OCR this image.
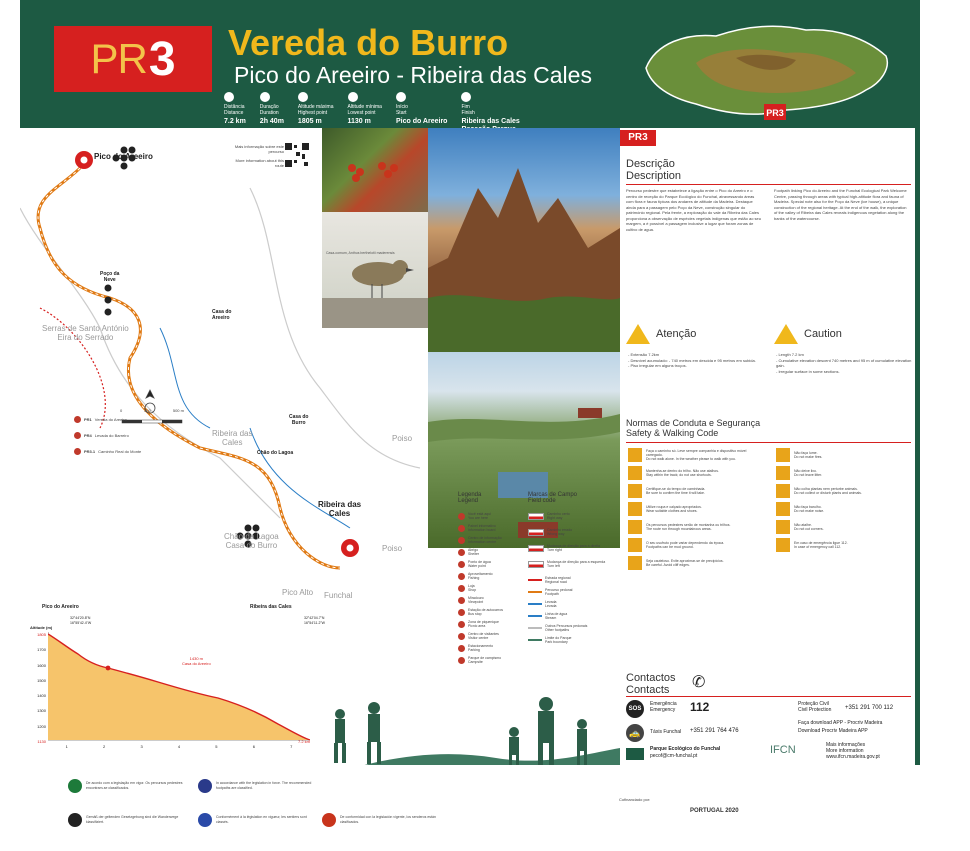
PR 3 Vereda do Burro
Pico do Areeiro - Ribeira das Cales
Distância
Distance
7.2 km
Duração
Duration
2h 40m
Altitude máxima
Highest point
1805 m
Altitude mínima
Lowest point
1130 m
Início
Start
Pico do Areeiro
Fim
Finish
Ribeira das Cales

PR3
Pico do Areeiro
Poço da
Neve
Casa do
Areeiro
Serras de Santo António
Eira do Serrado
Ribeira das
Cales
Casa do
Burro
Chão do Lagoa
Poiso
Ribeira das
Cales
Chão da Lagoa
Casa do Burro	Poiso
Pico Alto Funchal
0	200	500 m
PR1 Vereda do Areeiro
PR4 Levada do Barreiro
PR3.1 Caminho Real do Monte
Mais informação sobre este percurso
More information about this route
Casa-comum, Anthus berthelotii maderensis
Legenda
Legend
Você está aqui
You are here
Painel informativo
Information board
Centro de informação
Information centre
Abrigo
Shelter
Ponto de água
Water point
Aproveitamento
Fishing
Loja
Shop
Miradouro
Viewpoint
Estação de autocarros
Bus stop
Zona de piquenique
Picnic area
Centro de visitantes
Visitor centre
Estacionamento
Parking
Parque de campismo
Campsite
Marcas de Campo
Field code
Caminho certo
Right way
Caminho errado
Wrong way
Mudança de direção para a direita
Turn right
Mudança de direção para a esquerda
Turn left
Estrada regional
Regional road
Percurso pedonal
Footpath
Levada
Levada
Linha de água
Stream
Outros Percursos pedonais
Other footpaths
Limite do Parque
Park boundary
Pico do Areeiro
32°44'20.8"N
16°55'42.4"W
Ribeira das Cales
32°42'04.7"N
16°54'11.2"W
Altitude (m)
1805
1700
1600
1500
1400
1300
1200
1130
1	2	3	4	5	6	7
7.2 km
1430 m
Casa do Areeiro
PR3
Descrição
Description
Percurso pedestre que estabelece a ligação entre o Pico do Areeiro e o centro de receção do Parque Ecológico do Funchal, atravessando áreas com flora e fauna típicas dos andares de altitude da Madeira. Destaque ainda para a passagem pelo Poço da Neve, construção singular do património regional. Pela frente, a exploração do vale da Ribeira das Cales proporciona a observação de espécies vegetais indígenas que estão ao seu margem, a é possível a passagem inclusive a lugar que foram zonas de cultivo de agua.
Footpath linking Pico do Areeiro and the Funchal Ecological Park Welcome Centre, passing through areas with typical high-altitude flora and fauna of Madeira. Special note also for the Poço da Neve (ice house), a unique construction of the regional heritage. At the end of the walk, the exploration of the valley of Ribeira das Cales reveals indigenous vegetation along the banks of the watercourse.
Atenção	Caution
- Extensão 7.2km
- Desnível acumulado: - 740 metros em descida e 95 metros em subida.
- Piso irregular em alguns troços.
- Length 7.2 km
- Cumulative elevation descent 740 metres and 95 m of cumulative elevation gain.
- Irregular surface in some sections.
Normas de Conduta e Segurança
Safety & Walking Code
Faça o caminho só. Leve sempre companhia e dispositivo móvel carregado.
Do not walk alone. In the weather please to walk with you.
Mantenha-se dentro do trilho. Não use atalhos.
Stay within the track; do not use shortcuts.
Certifique-se do tempo de caminhada.
Be sure to confirm the time it will take.
Utilize roupa e calçado apropriados.
Wear suitable clothes and shoes.
Os percursos pedestres serão de montanha ou trilhos.
The route run through mountainous areas.
O seu usufruto pode variar dependendo da época.
Footpaths can be mud ground.
Seja cauteloso. Evite aproximar-se de precipícios.
Be careful. Avoid cliff edges.
Não faça lume.
Do not make fires.
Não deixe lixo.
Do not leave litter.
Não colha plantas nem perturbe animais.
Do not collect or disturb plants and animals.
Não faça barulho.
Do not make noise.
Não atalhe.
Do not cut corners.
Em caso de emergência ligue 112.
In case of emergency call 112.
Contactos
Contacts	✆
SOS
Emergência
Emergency 112
🚕	Táxis Funchal +351 291 764 476
Proteção Civil
Civil Protection +351 291 700 112
Faça download APP - Procriv Madeira
Download Procriv Madeira APP
Parque Ecológico do Funchal
pecof@cm-funchal.pt	IFCN	Mais informações
More information
www.ifcn.madeira.gov.pt
De acordo com a legislação em vigor. Os percursos pedestres encontram-se classificados.
In accordance with the legislation in force. The recommended footpaths are classified.
Gemäß der geltenden Gesetzgebung sind die Wanderwege klassifiziert.
Conformément à la législation en vigueur, les sentiers sont classés.
De conformidad con la legislación vigente, los senderos están clasificados.
Cofinanciado por:
PORTUGAL 2020
